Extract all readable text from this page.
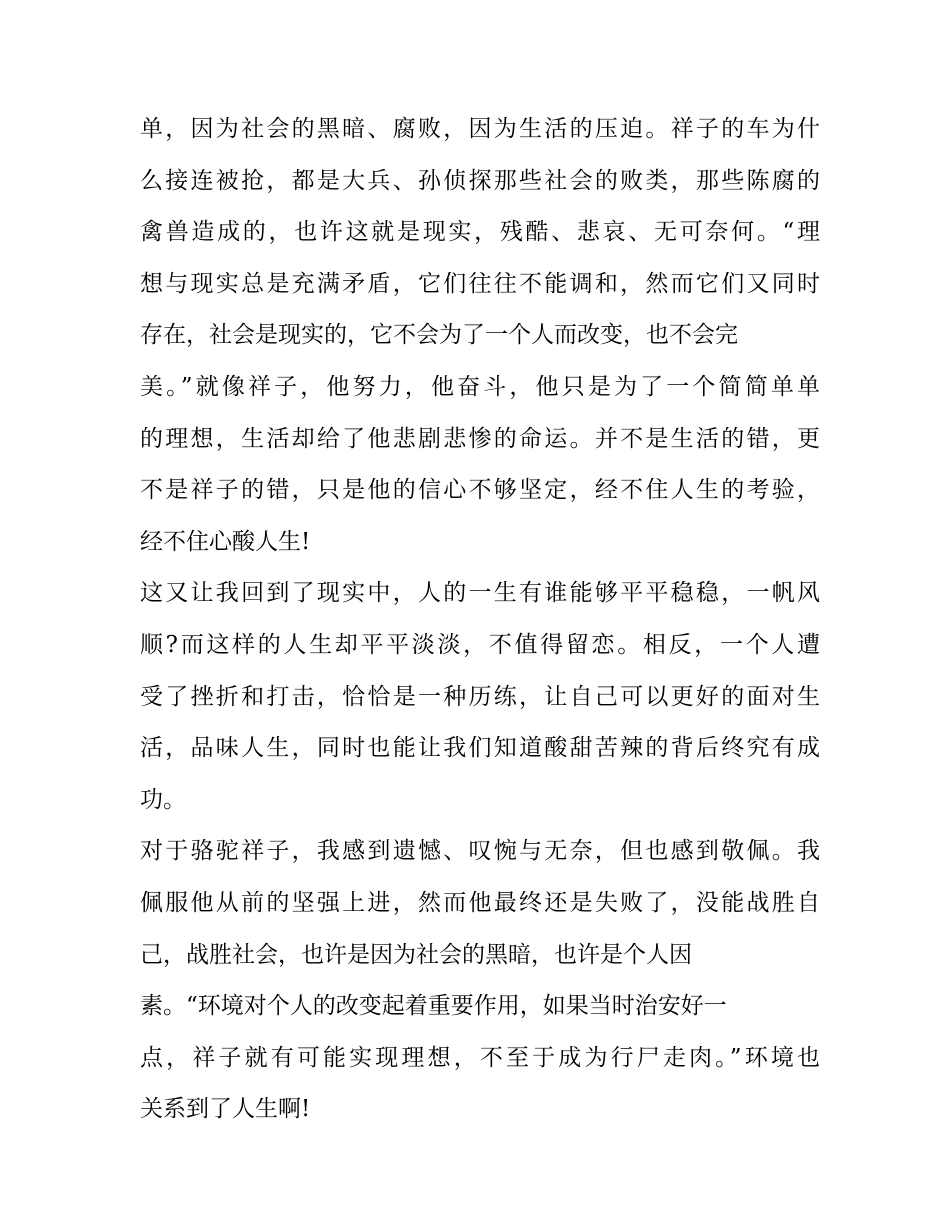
单，因为社会的黑暗、腐败，因为生活的压迫。祥子的车为什
么接连被抢，都是大兵、孙侦探那些社会的败类，那些陈腐的
禽兽造成的，也许这就是现实，残酷、悲哀、无可奈何。“理
想与现实总是充满矛盾，它们往往不能调和，然而它们又同时
存在，社会是现实的，它不会为了一个人而改变，也不会完
美。”就像祥子，他努力，他奋斗，他只是为了一个简简单单
的理想，生活却给了他悲剧悲惨的命运。并不是生活的错，更
不是祥子的错，只是他的信心不够坚定，经不住人生的考验，
经不住心酸人生!
这又让我回到了现实中，人的一生有谁能够平平稳稳，一帆风
顺?而这样的人生却平平淡淡，不值得留恋。相反，一个人遭
受了挫折和打击，恰恰是一种历练，让自己可以更好的面对生
活，品味人生，同时也能让我们知道酸甜苦辣的背后终究有成
功。
对于骆驼祥子，我感到遗憾、叹惋与无奈，但也感到敬佩。我
佩服他从前的坚强上进，然而他最终还是失败了，没能战胜自
己，战胜社会，也许是因为社会的黑暗，也许是个人因
素。“环境对个人的改变起着重要作用，如果当时治安好一
点，祥子就有可能实现理想，不至于成为行尸走肉。”环境也
关系到了人生啊!
